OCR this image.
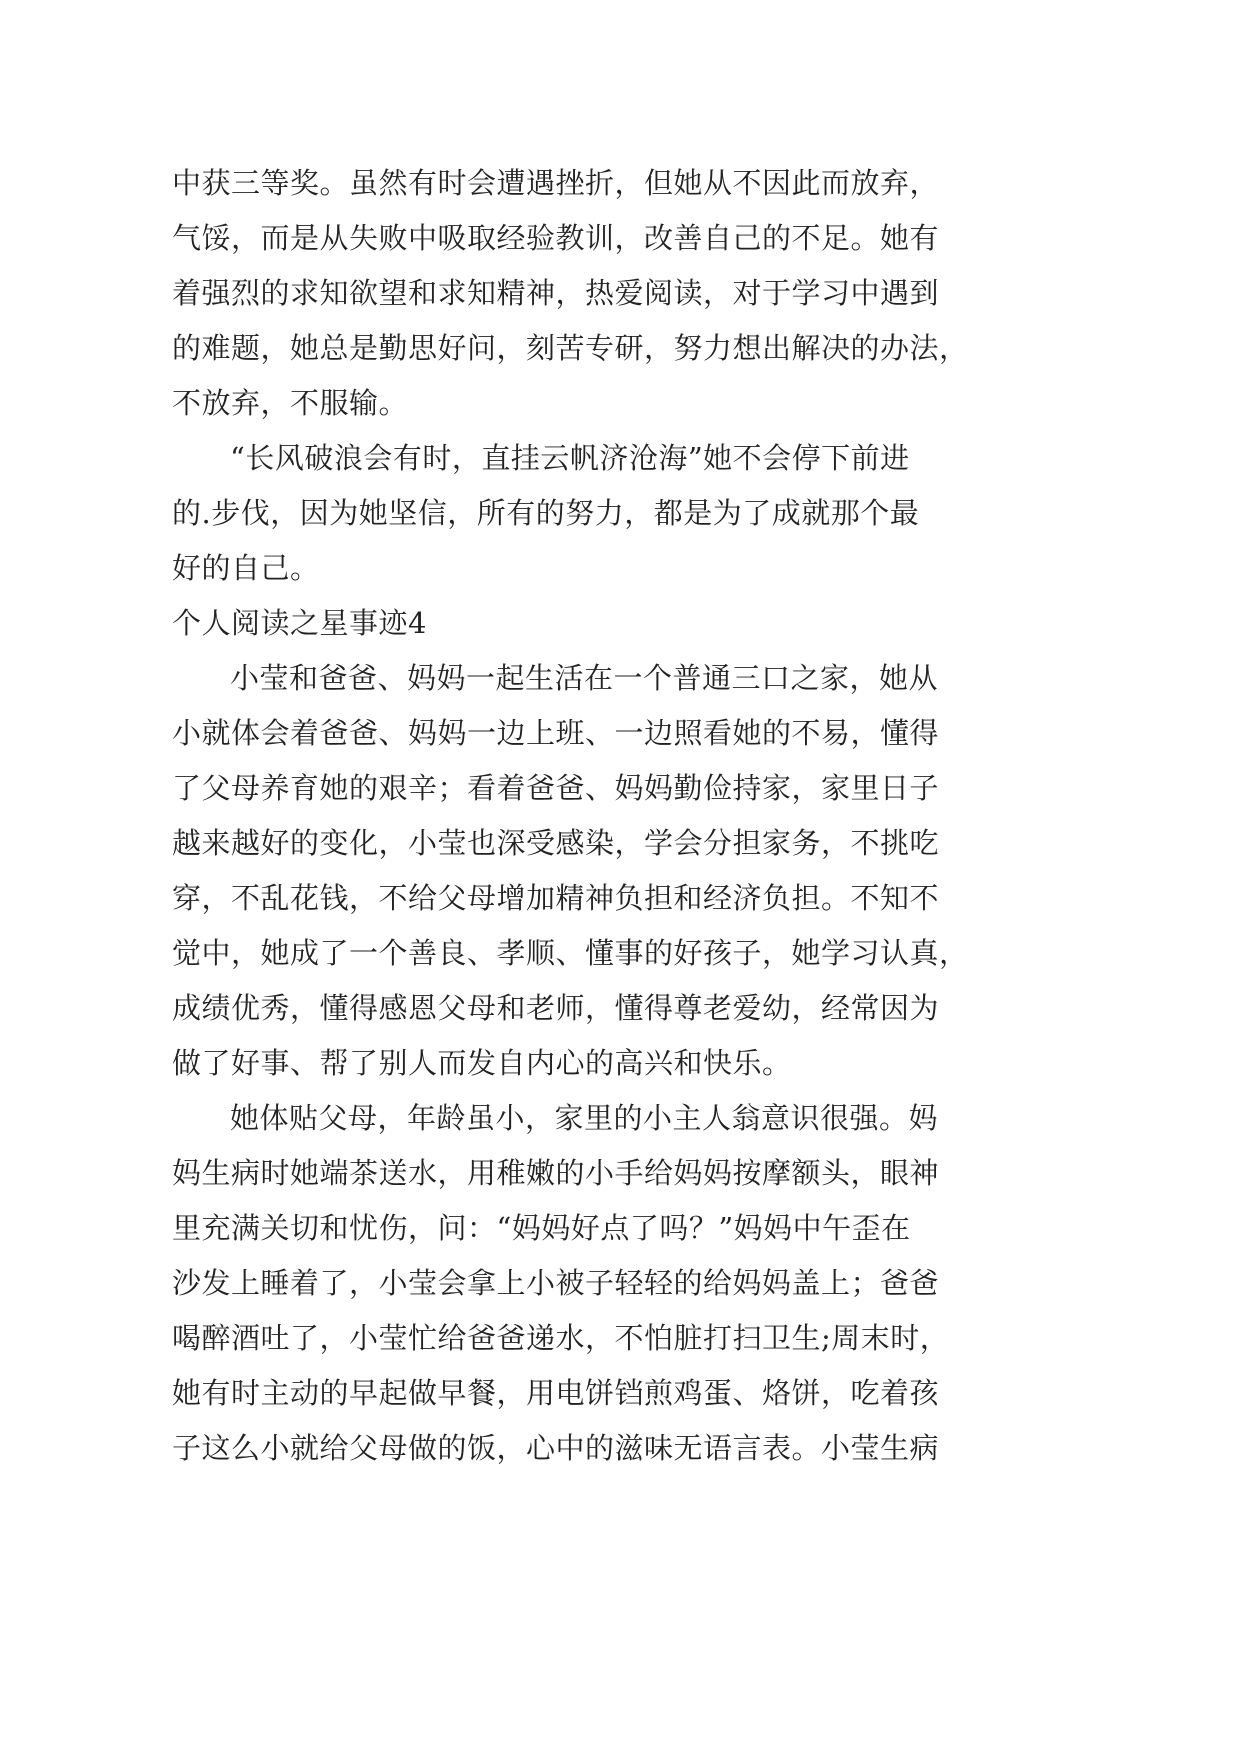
中获三等奖。虽然有时会遭遇挫折，但她从不因此而放弃，
气馁，而是从失败中吸取经验教训，改善自己的不足。她有
着强烈的求知欲望和求知精神，热爱阅读，对于学习中遇到
的难题，她总是勤思好问，刻苦专研，努力想出解决的办法，
不放弃，不服输。
“长风破浪会有时，直挂云帆济沧海”她不会停下前进
的.步伐，因为她坚信，所有的努力，都是为了成就那个最
好的自己。
个人阅读之星事迹4
小莹和爸爸、妈妈一起生活在一个普通三口之家，她从
小就体会着爸爸、妈妈一边上班、一边照看她的不易，懂得
了父母养育她的艰辛；看着爸爸、妈妈勤俭持家，家里日子
越来越好的变化，小莹也深受感染，学会分担家务，不挑吃
穿，不乱花钱，不给父母增加精神负担和经济负担。不知不
觉中，她成了一个善良、孝顺、懂事的好孩子，她学习认真，
成绩优秀，懂得感恩父母和老师，懂得尊老爱幼，经常因为
做了好事、帮了别人而发自内心的高兴和快乐。
她体贴父母，年龄虽小，家里的小主人翁意识很强。妈
妈生病时她端茶送水，用稚嫩的小手给妈妈按摩额头，眼神
里充满关切和忧伤，问：“妈妈好点了吗？”妈妈中午歪在
沙发上睡着了，小莹会拿上小被子轻轻的给妈妈盖上；爸爸
喝醉酒吐了，小莹忙给爸爸递水，不怕脏打扫卫生;周末时，
她有时主动的早起做早餐，用电饼铛煎鸡蛋、烙饼，吃着孩
子这么小就给父母做的饭，心中的滋味无语言表。小莹生病
